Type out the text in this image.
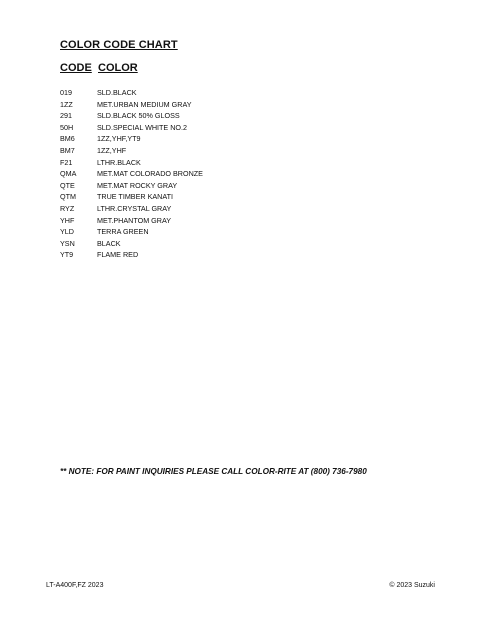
COLOR CODE CHART
CODE COLOR
019	SLD.BLACK
1ZZ	MET.URBAN MEDIUM GRAY
291	SLD.BLACK 50% GLOSS
50H	SLD.SPECIAL WHITE NO.2
BM6	1ZZ,YHF,YT9
BM7	1ZZ,YHF
F21	LTHR.BLACK
QMA	MET.MAT COLORADO BRONZE
QTE	MET.MAT ROCKY GRAY
QTM	TRUE TIMBER KANATI
RYZ	LTHR.CRYSTAL GRAY
YHF	MET.PHANTOM GRAY
YLD	TERRA GREEN
YSN	BLACK
YT9	FLAME RED
** NOTE: FOR PAINT INQUIRIES PLEASE CALL COLOR-RITE AT (800) 736-7980
LT-A400F,FZ 2023	© 2023 Suzuki
